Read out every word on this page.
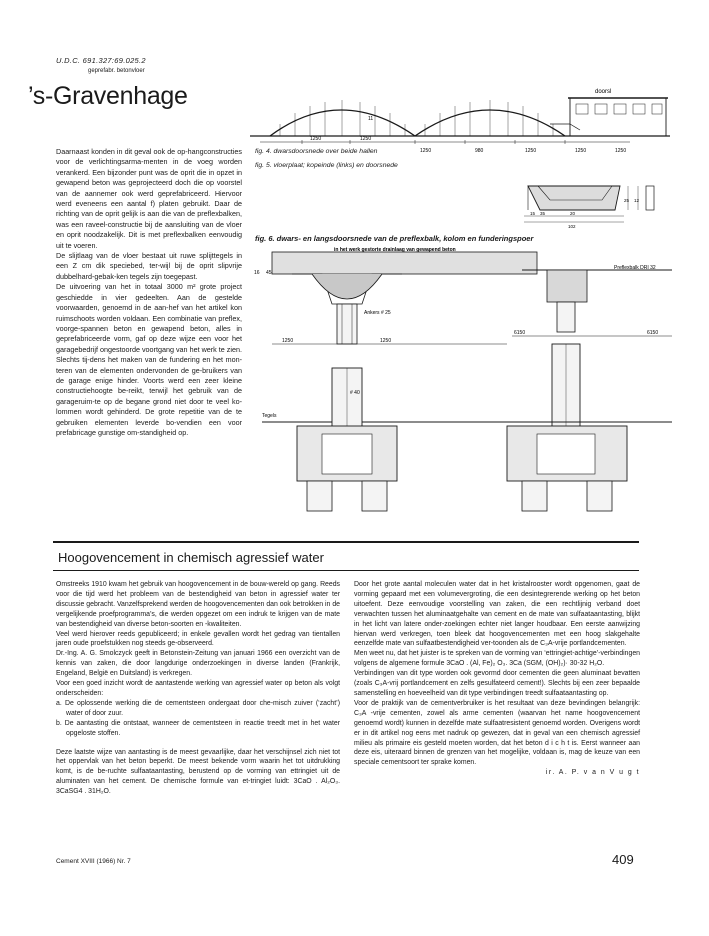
U.D.C. 691.327:69.025.2
geprefabr. betonvloer
’s-Gravenhage	doorsl
1250	1250
1250	980	1250	1250	1250
11
fig. 4. dwarsdoorsnede over beide hallen
fig. 5. vloerplaat; kopeinde (links) en doorsnede
15 35	20
102
25 12
fig. 6. dwars- en langsdoorsnede van de preflexbalk, kolom en funderingspoer
in het werk gestorte drainlaag van gewapend beton
Ankers # 25
1250	1250
# 40
Tegels
16 45
Preflexbalk DRI 32
6150	6150

Daarnaast konden in dit geval ook de op-hangconstructies voor de verlichtingsarma-menten in de voeg worden verankerd. Een bijzonder punt was de oprit die in opzet in gewapend beton was geprojecteerd doch die op voorstel van de aannemer ook werd geprefabriceerd. Hiervoor werd eveneens een aantal f) platen gebruikt. Daar de richting van de oprit gelijk is aan die van de preflexbalken, was een raveel-constructie bij de aansluiting van de vloer en oprit noodzakelijk. Dit is met preflexbalken eenvoudig uit te voeren.

De slijtlaag van de vloer bestaat uit ruwe splijttegels in een Z cm dik speciebed, ter-wijl bij de oprit slipvrije dubbelhard-gebak-ken tegels zijn toegepast.

De uitvoering van het in totaal 3000 m² grote project geschiedde in vier gedeelten. Aan de gestelde voorwaarden, genoemd in de aan-hef van het artikel kon ruimschoots worden voldaan. Een combinatie van preflex, voorge-spannen beton en gewapend beton, alles in geprefabriceerde vorm, gaf op deze wijze een voor het garagebedrijf ongestoorde voortgang van het werk te zien. Slechts tij-dens het maken van de fundering en het mon-teren van de elementen ondervonden de ge-bruikers van de garage enige hinder. Voorts werd een zeer kleine constructiehoogte be-reikt, terwijl het gebruik van de garageruim-te op de begane grond niet door te veel ko-lommen wordt gehinderd. De grote repetitie van de te gebruiken elementen leverde bo-vendien een voor prefabricage gunstige om-standigheid op.

Hoogovencement in chemisch agressief water

Omstreeks 1910 kwam het gebruik van hoogovencement in de bouw-wereld op gang. Reeds voor die tijd werd het probleem van de bestendigheid van beton in agressief water ter discussie gebracht. Vanzelfsprekend werden de hoogovencementen dan ook betrokken in de vergelijkende proefprogramma’s, die werden opgezet om een indruk te krijgen van de mate van bestendigheid van diverse beton-soorten en -kwaliteiten.

Veel werd hierover reeds gepubliceerd; in enkele gevallen wordt het gedrag van tientallen jaren oude proefstukken nog steeds ge-observeerd.

Dr.-Ing. A. G. Smolczyck geeft in Betonstein-Zeitung van januari 1966 een overzicht van de kennis van zaken, die door langdurige onderzoekingen in diverse landen (Frankrijk, Engeland, België en Duitsland) is verkregen.

Voor een goed inzicht wordt de aantastende werking van agressief water op beton als volgt onderscheiden:

a. De oplossende werking die de cementsteen ondergaat door che-misch zuiver (‘zacht’) water of door zuur.

b. De aantasting die ontstaat, wanneer de cementsteen in reactie treedt met in het water opgeloste stoffen.

Deze laatste wijze van aantasting is de meest gevaarlijke, daar het verschijnsel zich niet tot het oppervlak van het beton beperkt. De meest bekende vorm waarin het tot uitdrukking komt, is de be-ruchte sulfaataantasting, berustend op de vorming van ettringiet uit de aluminaten van het cement. De chemische formule van et-tringiet luidt: 3CaO . Al₂O₃. 3CaSG4 . 31H₂O.

Door het grote aantal moleculen water dat in het kristalrooster wordt opgenomen, gaat de vorming gepaard met een volumevergroting, die een desintegrerende werking op het beton uitoefent. Deze eenvoudige voorstelling van zaken, die een rechtlijnig verband doet verwachten tussen het aluminaatgehalte van cement en de mate van sulfaataantasting, blijkt in het licht van latere onder-zoekingen echter niet langer houdbaar. Een eerste aanwijzing hiervan werd verkregen, toen bleek dat hoogovencementen met een hoog slakgehalte eenzelfde mate van sulfaatbestendigheid ver-toonden als de C₃A-vrije portlandcementen.

Men weet nu, dat het juister is te spreken van de vorming van ‘ettringiet-achtige’-verbindingen volgens de algemene formule 3CaO . (Al, Fe)₂ O₃. 3Ca (SGM, (OH)₂)· 30-32 H₂O.

Verbindingen van dit type worden ook gevormd door cementen die geen aluminaat bevatten (zoals C₃A-vrij portlandcement en zelfs gesulfateerd cement!). Slechts bij een zeer bepaalde samenstelling en hoeveelheid van dit type verbindingen treedt sulfaataantasting op.

Voor de praktijk van de cementverbruiker is het resultaat van deze bevindingen belangrijk: C₃A -vrije cementen, zowel als arme cementen (waarvan het name hoogovencement genoemd wordt) kunnen in dezelfde mate sulfaatresistent genoemd worden. Overigens wordt er in dit artikel nog eens met nadruk op gewezen, dat in geval van een chemisch agressief milieu als primaire eis gesteld moeten worden, dat het beton d i c h t is. Eerst wanneer aan deze eis, uiteraard binnen de grenzen van het mogelijke, voldaan is, mag de keuze van een speciale cementsoort ter sprake komen.

ir. A. P. v a n V u g t

Cement XVIII (1966) Nr. 7	409
